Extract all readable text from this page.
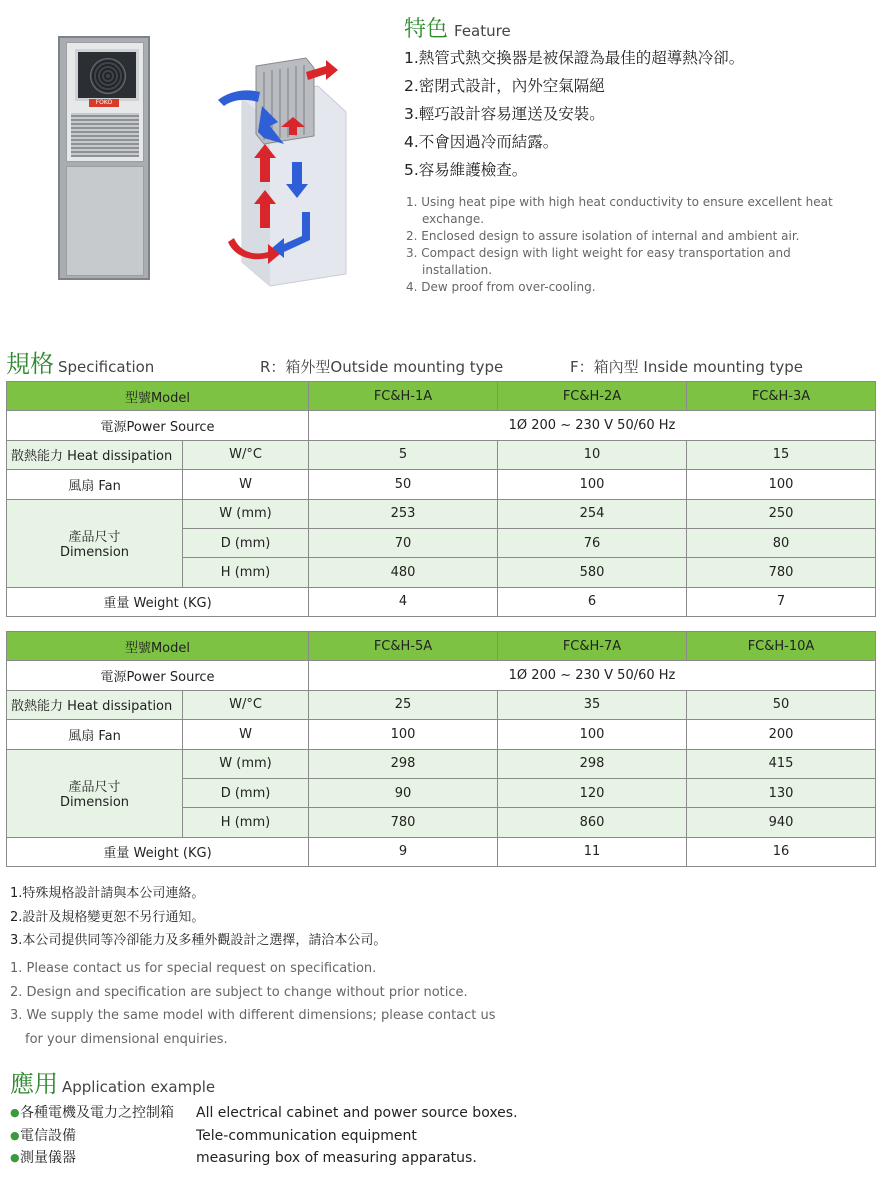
FOKO
特色 Feature
1.熱管式熱交換器是被保證為最佳的超導熱冷卻。
2.密閉式設計，內外空氣隔絕
3.輕巧設計容易運送及安裝。
4.不會因過冷而結露。
5.容易維護檢查。
1. Using heat pipe with high heat conductivity to ensure excellent heat exchange.
2. Enclosed design to assure isolation of internal and ambient air.
3. Compact design with light weight for easy transportation and installation.
4. Dew proof from over-cooling.
規格 Specification	R：箱外型Outside mounting type	F：箱內型 Inside mounting type
型號Model		FC&H-1A	FC&H-2A	FC&H-3A
電源Power Source		1Ø 200 ~ 230 V 50/60 Hz		
散熱能力 Heat dissipation	W/°C	5	10	15
風扇 Fan	W	50	100	100

產品尺寸
Dimension	W (mm)	253	254	250
	D (mm)	70	76	80
	H (mm)	480	580	780
重量 Weight (KG)		4	6	7
型號Model		FC&H-5A	FC&H-7A	FC&H-10A
電源Power Source		1Ø 200 ~ 230 V 50/60 Hz		
散熱能力 Heat dissipation	W/°C	25	35	50
風扇 Fan	W	100	100	200

產品尺寸
Dimension	W (mm)	298	298	415
	D (mm)	90	120	130
	H (mm)	780	860	940
重量 Weight (KG)		9	11	16
1.特殊規格設計請與本公司連絡。
2.設計及規格變更恕不另行通知。
3.本公司提供同等冷卻能力及多種外觀設計之選擇，請洽本公司。
1. Please contact us for special request on specification.
2. Design and specification are subject to change without prior notice.
3. We supply the same model with different dimensions; please contact us for your dimensional enquiries.
應用 Application example
● 各種電機及電力之控制箱 All electrical cabinet and power source boxes.
● 電信設備	Tele-communication equipment
● 測量儀器	measuring box of measuring apparatus.
